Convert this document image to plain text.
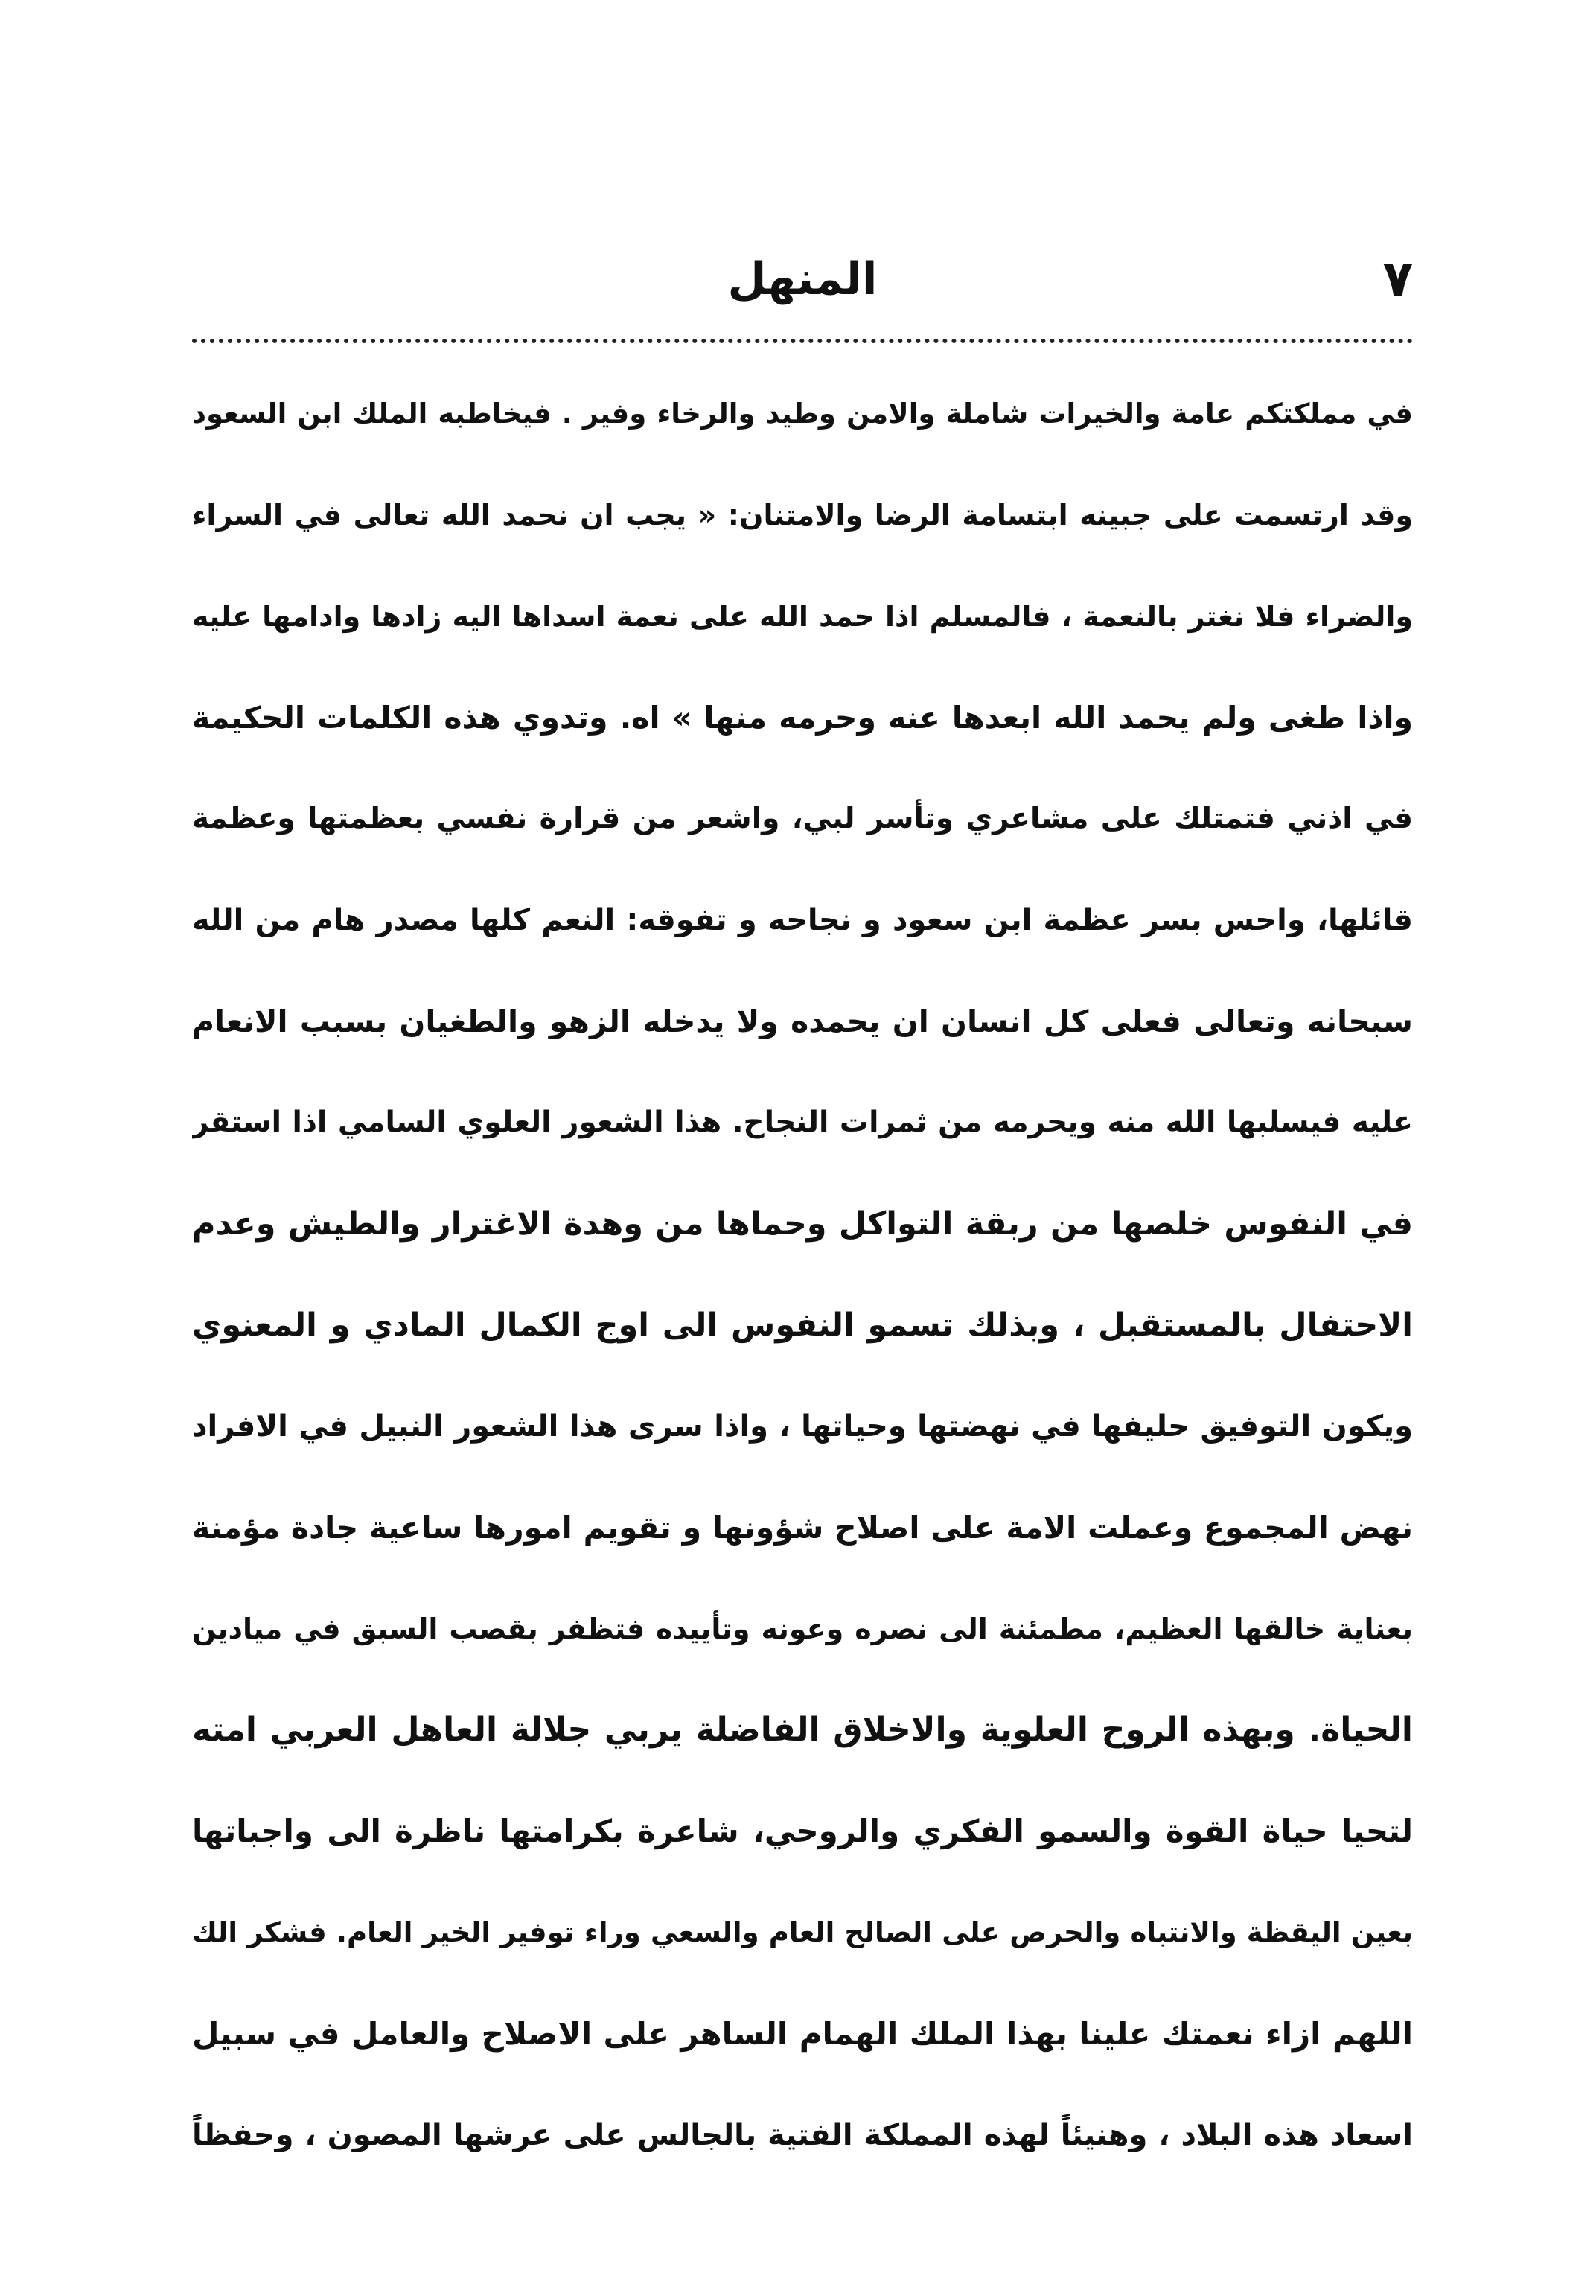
٧
المنهل
في مملكتكم عامة والخيرات شاملة والامن وطيد والرخاء وفير . فيخاطبه الملك ابن السعود
وقد ارتسمت على جبينه ابتسامة الرضا والامتنان: « يجب ان نحمد الله تعالى في السراء
والضراء فلا نغتر بالنعمة ، فالمسلم اذا حمد الله على نعمة اسداها اليه زادها وادامها عليه
واذا طغى ولم يحمد الله ابعدها عنه وحرمه منها » اه. وتدوي هذه الكلمات الحكيمة
في اذني فتمتلك على مشاعري وتأسر لبي، واشعر من قرارة نفسي بعظمتها وعظمة
قائلها، واحس بسر عظمة ابن سعود و نجاحه و تفوقه: النعم كلها مصدر هام من الله
سبحانه وتعالى فعلى كل انسان ان يحمده ولا يدخله الزهو والطغيان بسبب الانعام
عليه فيسلبها الله منه ويحرمه من ثمرات النجاح. هذا الشعور العلوي السامي اذا استقر
في النفوس خلصها من ربقة التواكل وحماها من وهدة الاغترار والطيش وعدم
الاحتفال بالمستقبل ، وبذلك تسمو النفوس الى اوج الكمال المادي و المعنوي
ويكون التوفيق حليفها في نهضتها وحياتها ، واذا سرى هذا الشعور النبيل في الافراد
نهض المجموع وعملت الامة على اصلاح شؤونها و تقويم امورها ساعية جادة مؤمنة
بعناية خالقها العظيم، مطمئنة الى نصره وعونه وتأييده فتظفر بقصب السبق في ميادين
الحياة. وبهذه الروح العلوية والاخلاق الفاضلة يربي جلالة العاهل العربي امته
لتحيا حياة القوة والسمو الفكري والروحي، شاعرة بكرامتها ناظرة الى واجباتها
بعين اليقظة والانتباه والحرص على الصالح العام والسعي وراء توفير الخير العام. فشكر الك
اللهم ازاء نعمتك علينا بهذا الملك الهمام الساهر على الاصلاح والعامل في سبيل
اسعاد هذه البلاد ، وهنيئاً لهذه المملكة الفتية بالجالس على عرشها المصون ، وحفظاً
